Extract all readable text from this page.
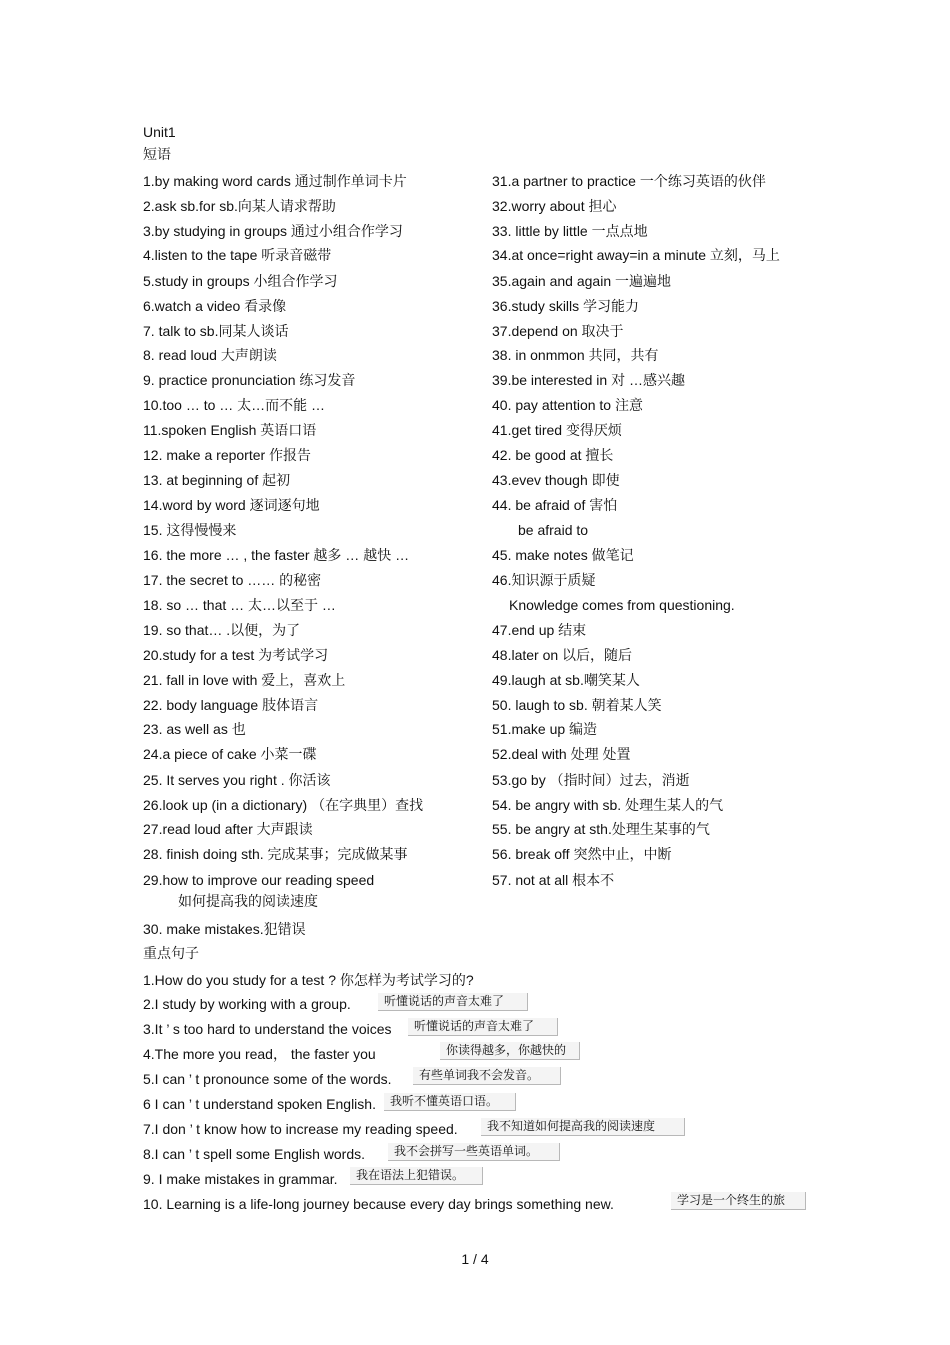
Unit1
短语
1.by making word cards 通过制作单词卡片
2.ask sb.for sb.向某人请求帮助
3.by studying in groups 通过小组合作学习
4.listen to the tape 听录音磁带
5.study in groups 小组合作学习
6.watch a video 看录像
7. talk to sb.同某人谈话
8. read loud 大声朗读
9. practice pronunciation 练习发音
10.too … to … 太…而不能 …
11.spoken English 英语口语
12. make a reporter 作报告
13. at beginning of 起初
14.word by word 逐词逐句地
15. 这得慢慢来
16. the more … , the faster 越多 … 越快 …
17. the secret to …… 的秘密
18. so … that … 太…以至于 …
19. so that… .以便，为了
20.study for a test 为考试学习
21. fall in love with 爱上，喜欢上
22. body language 肢体语言
23. as well as 也
24.a piece of cake 小菜一碟
25. It serves you right . 你活该
26.look up (in a dictionary) （在字典里）查找
27.read loud after 大声跟读
28. finish doing sth. 完成某事；完成做某事
29.how to improve our reading speed
如何提高我的阅读速度
30. make mistakes.犯错误
31.a partner to practice 一个练习英语的伙伴
32.worry about 担心
33. little by little 一点点地
34.at once=right away=in a minute 立刻，马上
35.again and again 一遍遍地
36.study skills 学习能力
37.depend on 取决于
38. in onmmon 共同，共有
39.be interested in 对 …感兴趣
40. pay attention to 注意
41.get tired 变得厌烦
42. be good at 擅长
43.evev though 即使
44. be afraid of 害怕
be afraid to
45. make notes 做笔记
46.知识源于质疑
Knowledge comes from questioning.
47.end up 结束
48.later on 以后，随后
49.laugh at sb.嘲笑某人
50. laugh to sb. 朝着某人笑
51.make up 编造
52.deal with 处理 处置
53.go by （指时间）过去，消逝
54. be angry with sb. 处理生某人的气
55. be angry at sth.处理生某事的气
56. break off 突然中止，中断
57. not at all 根本不
重点句子
1.How do you study for a test ? 你怎样为考试学习的?
2.I study by working with a group.	听懂说话的声音太难了
3.It ’ s too hard to understand the voices	听懂说话的声音太难了
4.The more you read， the faster you	你读得越多，你越快的
5.I can ’ t pronounce some of the words.	有些单词我不会发音。
6 I can ’ t understand spoken English.	我听不懂英语口语。
7.I don ’ t know how to increase my reading speed.	我不知道如何提高我的阅读速度
8.I can ’ t spell some English words.	我不会拼写一些英语单词。
9. I make mistakes in grammar.	我在语法上犯错误。
10. Learning is a life-long journey because every day brings something new.	学习是一个终生的旅
1 / 4
